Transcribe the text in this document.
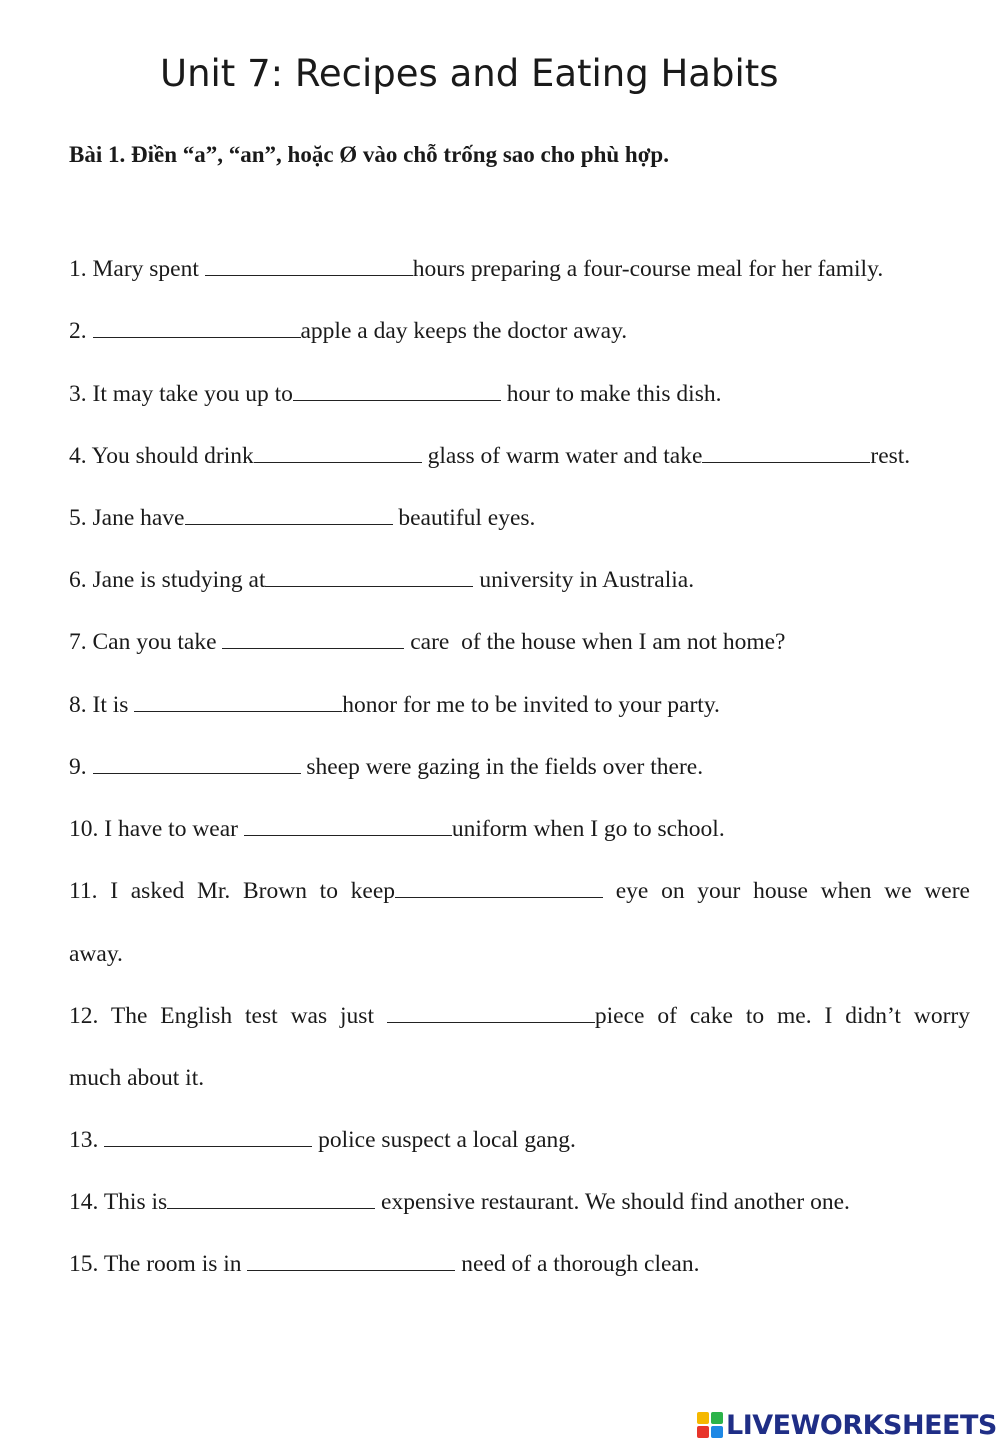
Unit 7: Recipes and Eating Habits
Bài 1. Điền “a”, “an”, hoặc Ø vào chỗ trống sao cho phù hợp.
1. Mary spent	hours preparing a four-course meal for her family.
2.	apple a day keeps the doctor away.
3. It may take you up to	hour to make this dish.
4. You should drink	glass of warm water and take	rest.
5. Jane have	beautiful eyes.
6. Jane is studying at	university in Australia.
7. Can you take	care  of the house when I am not home?
8. It is	honor for me to be invited to your party.
9.	sheep were gazing in the fields over there.
10. I have to wear	uniform when I go to school.
11. I asked Mr. Brown to keep	eye on your house when we were
away.
12. The English test was just	piece of cake to me. I didn’t worry
much about it.
13.	police suspect a local gang.
14. This is	expensive restaurant. We should find another one.
15. The room is in	need of a thorough clean.
LIVEWORKSHEETS
